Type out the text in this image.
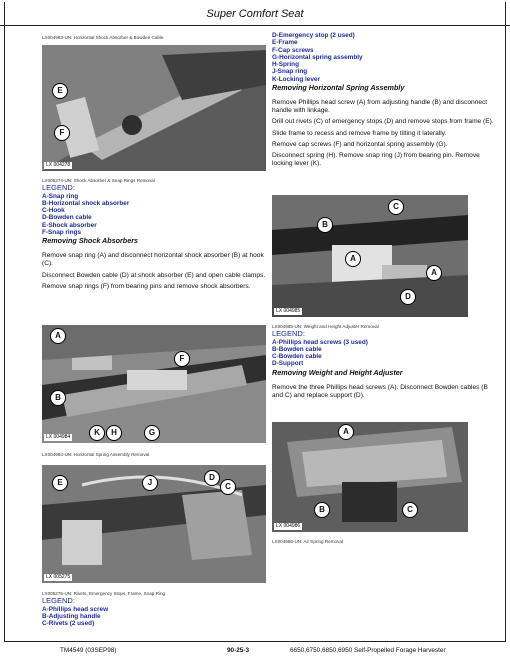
Super Comfort Seat
LX004983-UN: Horizontal Shock Absorber & Bowden Cable
E
F
LX 004278
LX005274-UN: Shock Absorber & Snap Rings Removal
LEGEND:
A-Snap ring
B-Horizontal shock absorber
C-Hook
D-Bowden cable
E-Shock absorber
F-Snap rings
Removing Shock Absorbers

Remove snap ring (A) and disconnect horizontal shock absorber (B) at hook (C).

Disconnect Bowden cable (D) at shock absorber (E) and open cable clamps.

Remove snap rings (F) from bearing pins and remove shock absorbers.

A
F
B
K	H	G
LX 004984
LX004984-UN: Horizontal Spring Assembly Removal
E	J
D
C
LX 005275
LX005275-UN: Rivets, Emergency Stops, Frame, Snap Ring
LEGEND:
A-Phillips head screw
B-Adjusting handle
C-Rivets (2 used)
D-Emergency stop (2 used)
E-Frame
F-Cap screws
G-Horizontal spring assembly
H-Spring
J-Snap ring
K-Locking lever
Removing Horizontal Spring Assembly

Remove Phillips head screw (A) from adjusting handle (B) and disconnect handle with linkage.

Drill out rivets (C) of emergency stops (D) and remove stops from frame (E).

Slide frame to recess and remove frame by tilting it laterally.

Remove cap screws (F) and horizontal spring assembly (G).

Disconnect spring (H). Remove snap ring (J) from bearing pin. Remove locking lever (K).

C
B
A
A
D
LX 004985
LX004985-UN: Weight and Height Adjuster Removal
LEGEND:
A-Phillips head screws (3 used)
B-Bowden cable
C-Bowden cable
D-Support
Removing Weight and Height Adjuster

Remove the three Phillips head screws (A). Disconnect Bowden cables (B and C) and replace support (D).

A
B	C
LX 004986
LX004986-UN: Air Spring Removal
TM4549 (03SEP98)	90-25-3	6650,6750,6850,6950 Self-Propelled Forage Harvester
